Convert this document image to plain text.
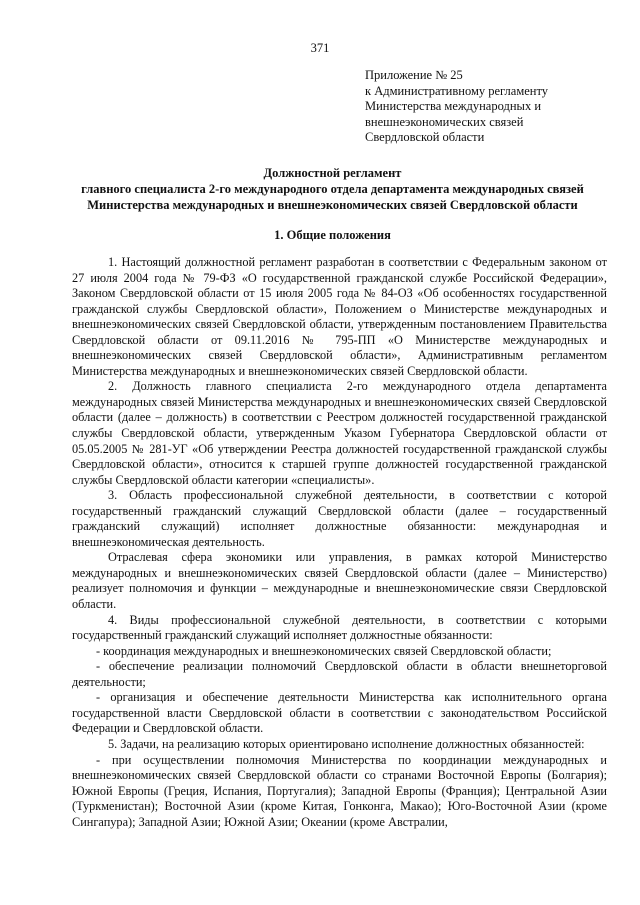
371
Приложение № 25
к Административному регламенту
Министерства международных и
внешнеэкономических связей
Свердловской области
Должностной регламент
главного специалиста 2-го международного отдела департамента международных связей
Министерства международных и внешнеэкономических связей Свердловской области
1. Общие положения

1. Настоящий должностной регламент разработан в соответствии с Федеральным законом от 27 июля 2004 года № 79-ФЗ «О государственной гражданской службе Российской Федерации», Законом Свердловской области от 15 июля 2005 года № 84-ОЗ «Об особенностях государственной гражданской службы Свердловской области», Положением о Министерстве международных и внешнеэкономических связей Свердловской области, утвержденным постановлением Правительства Свердловской области от 09.11.2016 № 795-ПП «О Министерстве международных и внешнеэкономических связей Свердловской области», Административным регламентом Министерства международных и внешнеэкономических связей Свердловской области.

2. Должность главного специалиста 2-го международного отдела департамента международных связей Министерства международных и внешнеэкономических связей Свердловской области (далее – должность) в соответствии с Реестром должностей государственной гражданской службы Свердловской области, утвержденным Указом Губернатора Свердловской области от 05.05.2005 № 281-УГ «Об утверждении Реестра должностей государственной гражданской службы Свердловской области», относится к старшей группе должностей государственной гражданской службы Свердловской области категории «специалисты».

3. Область профессиональной служебной деятельности, в соответствии с которой государственный гражданский служащий Свердловской области (далее – государственный гражданский служащий) исполняет должностные обязанности: международная и внешнеэкономическая деятельность.

Отраслевая сфера экономики или управления, в рамках которой Министерство международных и внешнеэкономических связей Свердловской области (далее – Министерство) реализует полномочия и функции – международные и внешнеэкономические связи Свердловской области.

4. Виды профессиональной служебной деятельности, в соответствии с которыми государственный гражданский служащий исполняет должностные обязанности:

- координация международных и внешнеэкономических связей Свердловской области;

- обеспечение реализации полномочий Свердловской области в области внешнеторговой деятельности;

- организация и обеспечение деятельности Министерства как исполнительного органа государственной власти Свердловской области в соответствии с законодательством Российской Федерации и Свердловской области.

5. Задачи, на реализацию которых ориентировано исполнение должностных обязанностей:

- при осуществлении полномочия Министерства по координации международных и внешнеэкономических связей Свердловской области со странами Восточной Европы (Болгария); Южной Европы (Греция, Испания, Португалия); Западной Европы (Франция); Центральной Азии (Туркменистан); Восточной Азии (кроме Китая, Гонконга, Макао); Юго-Восточной Азии (кроме Сингапура); Западной Азии; Южной Азии; Океании (кроме Австралии,
